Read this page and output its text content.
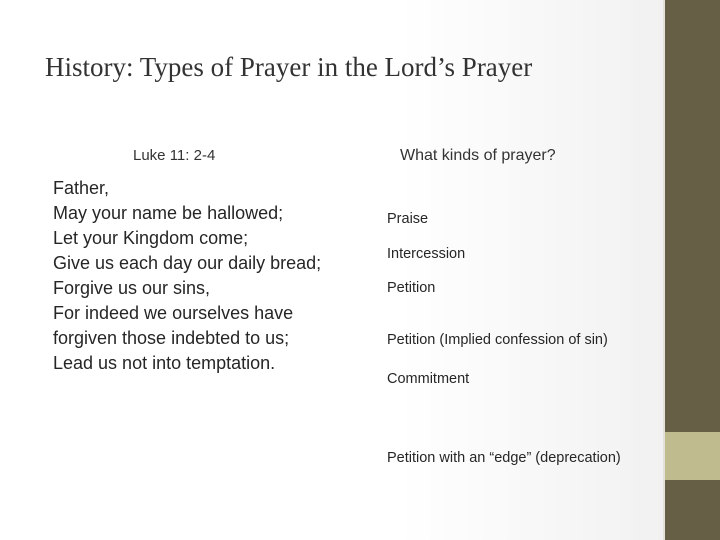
History: Types of Prayer in the Lord’s Prayer
Luke 11: 2-4	What kinds of prayer?
Father,
May your name be hallowed;
Let your Kingdom come;
Give us each day our daily bread;
Forgive us our sins,
For indeed we ourselves have forgiven those indebted to us;
Lead us not into temptation.
Praise
Intercession
Petition
Petition (Implied confession of sin)
Commitment
Petition with an “edge” (deprecation)
